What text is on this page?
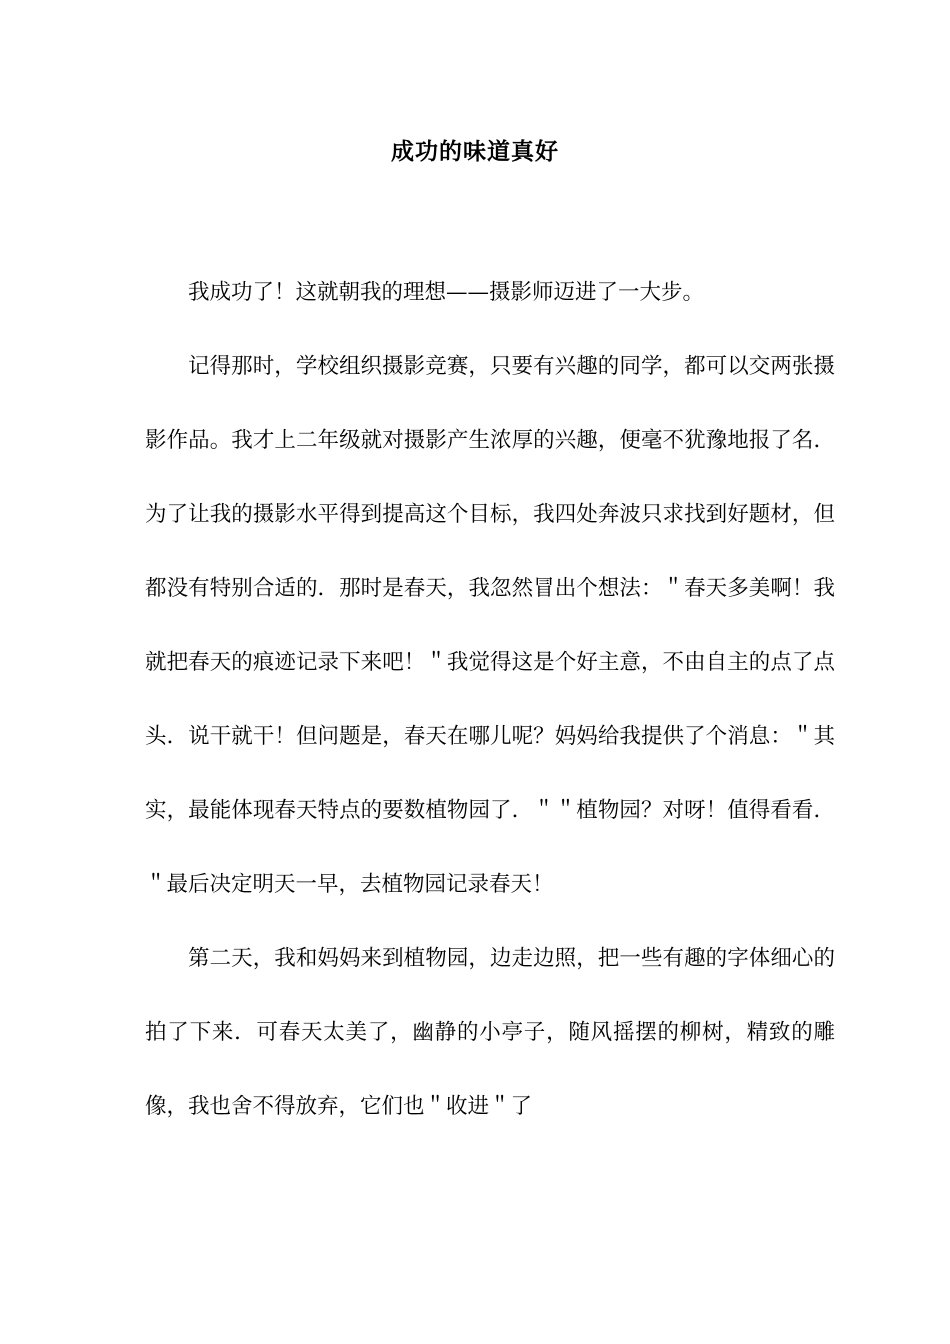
成功的味道真好

我成功了！这就朝我的理想——摄影师迈进了一大步。

记得那时，学校组织摄影竞赛，只要有兴趣的同学，都可以交两张摄影作品。我才上二年级就对摄影产生浓厚的兴趣，便毫不犹豫地报了名．为了让我的摄影水平得到提高这个目标，我四处奔波只求找到好题材，但都没有特别合适的．那时是春天，我忽然冒出个想法：＂春天多美啊！我就把春天的痕迹记录下来吧！＂我觉得这是个好主意，不由自主的点了点头．说干就干！但问题是，春天在哪儿呢？妈妈给我提供了个消息：＂其实，最能体现春天特点的要数植物园了．＂＂植物园？对呀！值得看看．＂最后决定明天一早，去植物园记录春天！

第二天，我和妈妈来到植物园，边走边照，把一些有趣的字体细心的拍了下来．可春天太美了，幽静的小亭子，随风摇摆的柳树，精致的雕像，我也舍不得放弃，它们也＂收进＂了
